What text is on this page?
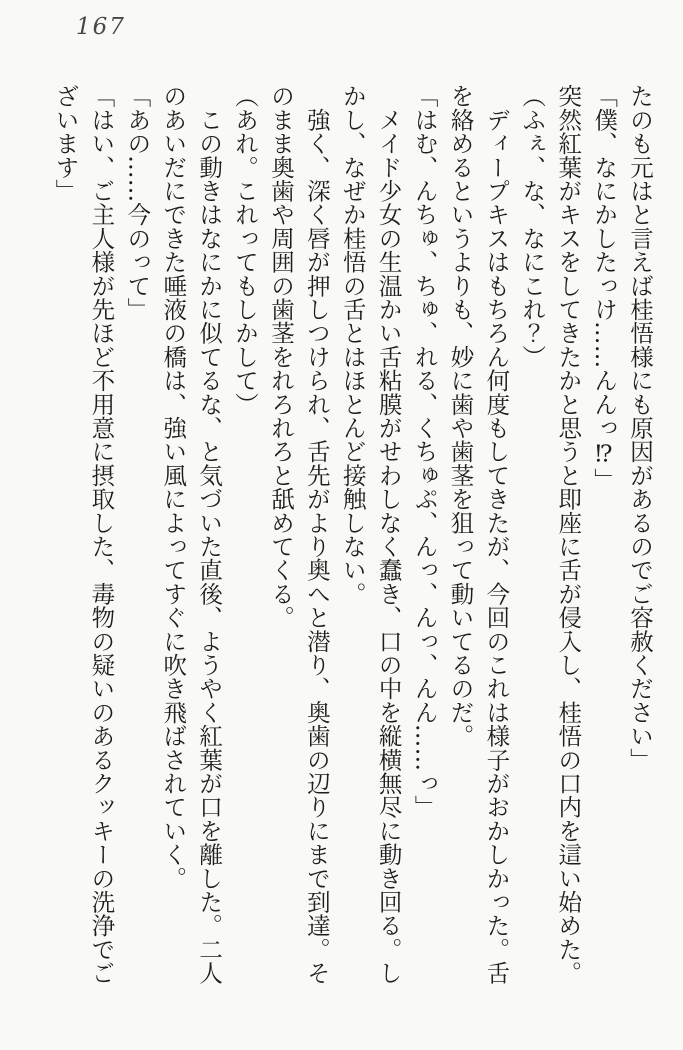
167

たのも元はと言えば桂悟様にも原因があるのでご容赦ください」

「僕、なにかしたっけ……んんっ⁉」

突然紅葉がキスをしてきたかと思うと即座に舌が侵入し、桂悟の口内を這い始めた。

（ふぇ、な、なにこれ？）

　ディープキスはもちろん何度もしてきたが、今回のこれは様子がおかしかった。舌

を絡めるというよりも、妙に歯や歯茎を狙って動いてるのだ。

「はむ、んちゅ、ちゅ、れる、くちゅぷ、んっ、んっ、んん……っ」

　メイド少女の生温かい舌粘膜がせわしなく蠢き、口の中を縦横無尽に動き回る。し

かし、なぜか桂悟の舌とはほとんど接触しない。

　強く、深く唇が押しつけられ、舌先がより奥へと潜り、奥歯の辺りにまで到達。そ

のまま奥歯や周囲の歯茎をれろれろと舐めてくる。

（あれ。これってもしかして）

　この動きはなにかに似てるな、と気づいた直後、ようやく紅葉が口を離した。二人

のあいだにできた唾液の橋は、強い風によってすぐに吹き飛ばされていく。

「あの……今のって」

「はい、ご主人様が先ほど不用意に摂取した、毒物の疑いのあるクッキーの洗浄でご

ざいます」
